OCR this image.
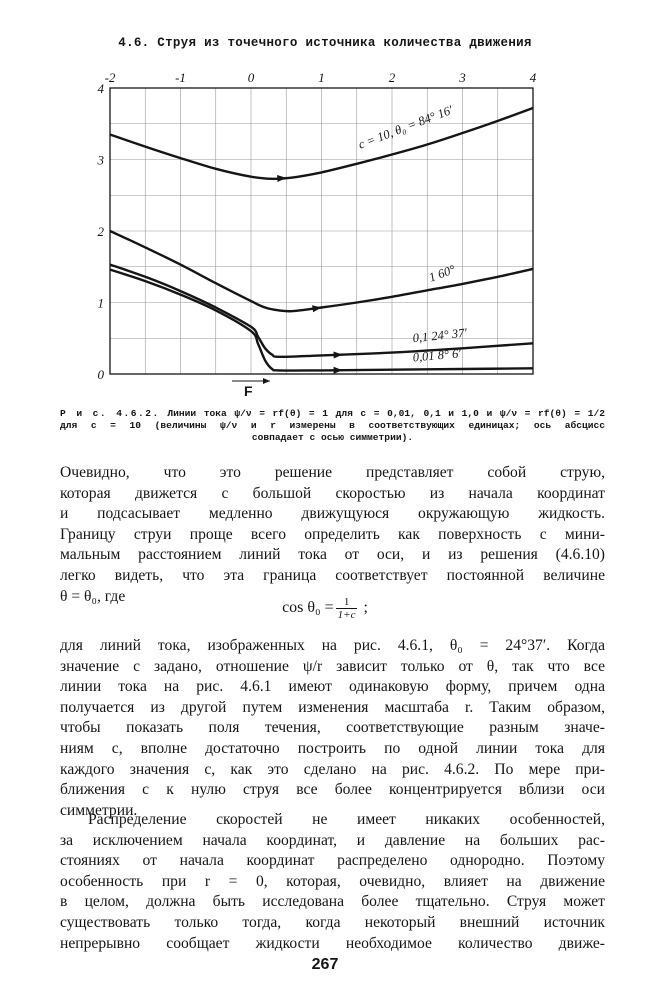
4.6. Струя из точечного источника количества движения
-2	-1	0	1	2	3	4
0
1
2
3
4
c = 10, θ₀ = 84° 16′
1 60°
0,1 24° 37′
0,01 8° 6′
F
Р и с. 4.6.2. Линии тока ψ/ν = rf(θ) = 1 для c = 0,01, 0,1 и 1,0 и ψ/ν = rf(θ) = 1/2
для c = 10 (величины ψ/ν и r измерены в соответствующих единицах; ось абсцисс
совпадает с осью симметрии).
Очевидно, что это решение представляет собой струю,
которая движется с большой скоростью из начала координат
и подсасывает медленно движущуюся окружающую жидкость.
Границу струи проще всего определить как поверхность с мини-
мальным расстоянием линий тока от оси, и из решения (4.6.10)
легко видеть, что эта граница соответствует постоянной величине
θ = θ₀, где
$\cos \theta_0 = \frac{1}{1+c}$ ;
для линий тока, изображенных на рис. 4.6.1, θ₀ = 24°37′. Когда
значение c задано, отношение ψ/r зависит только от θ, так что все
линии тока на рис. 4.6.1 имеют одинаковую форму, причем одна
получается из другой путем изменения масштаба r. Таким образом,
чтобы показать поля течения, соответствующие разным значе-
ниям c, вполне достаточно построить по одной линии тока для
каждого значения c, как это сделано на рис. 4.6.2. По мере при-
ближения c к нулю струя все более концентрируется вблизи оси
симметрии.
Распределение скоростей не имеет никаких особенностей,
за исключением начала координат, и давление на больших рас-
стояниях от начала координат распределено однородно. Поэтому
особенность при r = 0, которая, очевидно, влияет на движение
в целом, должна быть исследована более тщательно. Струя может
существовать только тогда, когда некоторый внешний источник
непрерывно сообщает жидкости необходимое количество движе-
267
